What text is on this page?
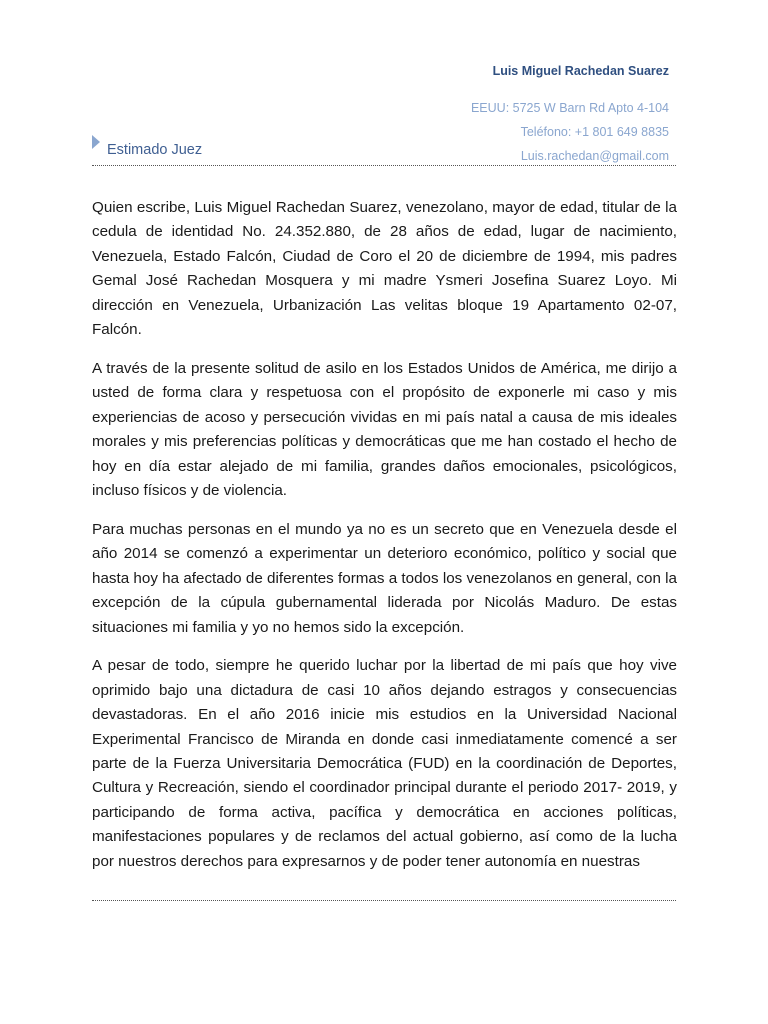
Luis Miguel Rachedan Suarez
EEUU: 5725 W Barn Rd Apto 4-104
Teléfono: +1 801 649 8835
Luis.rachedan@gmail.com
Estimado Juez

Quien escribe, Luis Miguel Rachedan Suarez, venezolano, mayor de edad, titular de la cedula de identidad No. 24.352.880, de 28 años de edad, lugar de nacimiento, Venezuela, Estado Falcón, Ciudad de Coro el 20 de diciembre de 1994, mis padres Gemal José Rachedan Mosquera y mi madre Ysmeri Josefina Suarez Loyo. Mi dirección en Venezuela, Urbanización Las velitas bloque 19 Apartamento 02-07, Falcón.

A través de la presente solitud de asilo en los Estados Unidos de América, me dirijo a usted de forma clara y respetuosa con el propósito de exponerle mi caso y mis experiencias de acoso y persecución vividas en mi país natal a causa de mis ideales morales y mis preferencias políticas y democráticas que me han costado el hecho de hoy en día estar alejado de mi familia, grandes daños emocionales, psicológicos, incluso físicos y de violencia.

Para muchas personas en el mundo ya no es un secreto que en Venezuela desde el año 2014 se comenzó a experimentar un deterioro económico, político y social que hasta hoy ha afectado de diferentes formas a todos los venezolanos en general, con la excepción de la cúpula gubernamental liderada por Nicolás Maduro. De estas situaciones mi familia y yo no hemos sido la excepción.

A pesar de todo, siempre he querido luchar por la libertad de mi país que hoy vive oprimido bajo una dictadura de casi 10 años dejando estragos y consecuencias devastadoras. En el año 2016 inicie mis estudios en la Universidad Nacional Experimental Francisco de Miranda en donde casi inmediatamente comencé a ser parte de la Fuerza Universitaria Democrática (FUD) en la coordinación de Deportes, Cultura y Recreación, siendo el coordinador principal durante el periodo 2017- 2019, y participando de forma activa, pacífica y democrática en acciones políticas, manifestaciones populares y de reclamos del actual gobierno, así como de la lucha por nuestros derechos para expresarnos y de poder tener autonomía en nuestras
